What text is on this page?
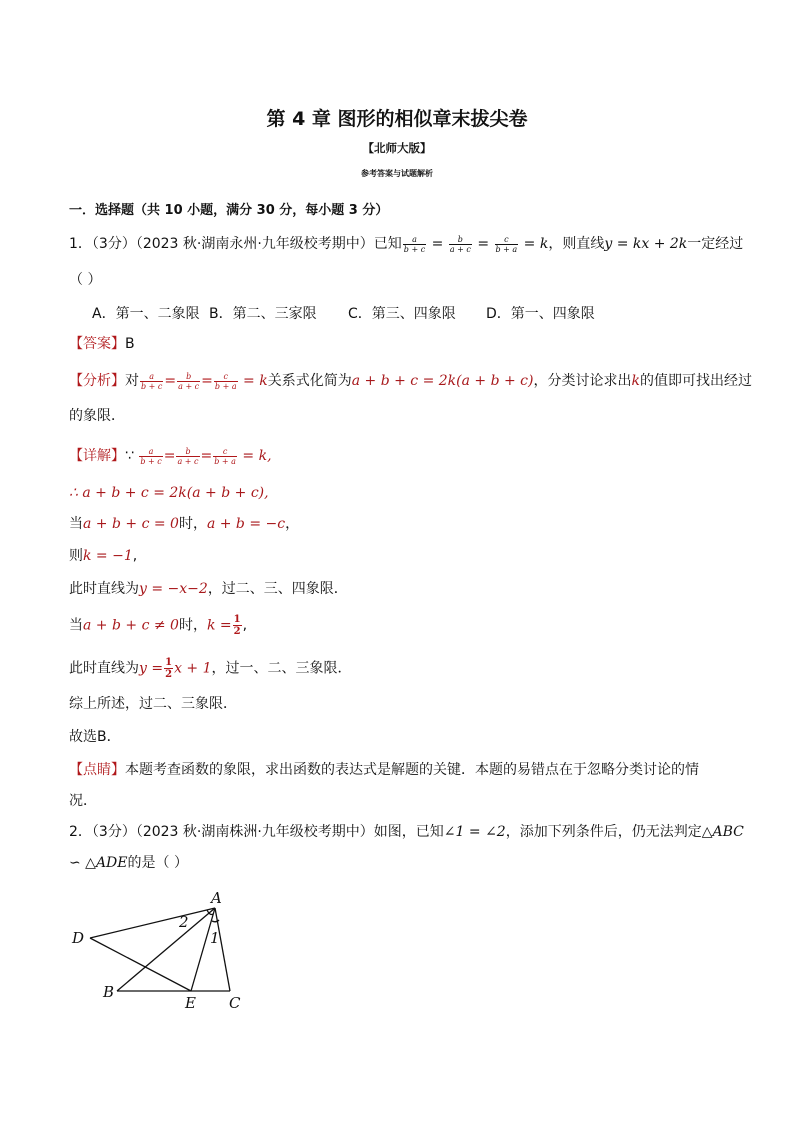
第 4 章 图形的相似章末拔尖卷
【北师大版】
参考答案与试题解析
一．选择题（共 10 小题，满分 30 分，每小题 3 分）
1．（3分）（2023 秋·湖南永州·九年级校考期中）已知 $\frac{a}{b + c} = \frac{b}{a + c} = \frac{c}{b + a} = k$，则直线y = kx + 2k一定经过
（ ）
A．第一、二象限 B．第二、三家限 C．第三、四象限 D．第一、四象限
【答案】B
【分析】对 $\frac{a}{b + c} = \frac{b}{a + c} = \frac{c}{b + a} = k$关系式化简为a + b + c = 2k(a + b + c)，分类讨论求出k的值即可找出经过
的象限．
【详解】∵ $\frac{a}{b + c} = \frac{b}{a + c} = \frac{c}{b + a} = k$,
∴ a + b + c = 2k(a + b + c),
当a + b + c = 0时，a + b = −c，
则k = −1,
此时直线为y = −x−2，过二、三、四象限．
当a + b + c ≠ 0时，$k = \frac{1}{2}$ ,
此时直线为$y = \frac{1}{2}$ x + 1，过一、二、三象限．
综上所述，过二、三象限．
故选B．
【点睛】本题考查函数的象限，求出函数的表达式是解题的关键．本题的易错点在于忽略分类讨论的情
况．
2．（3分）（2023 秋·湖南株洲·九年级校考期中）如图，已知∠1 = ∠2，添加下列条件后，仍无法判定△ABC
∽ △ADE的是（ ）
A
D
B
E C
2
1
